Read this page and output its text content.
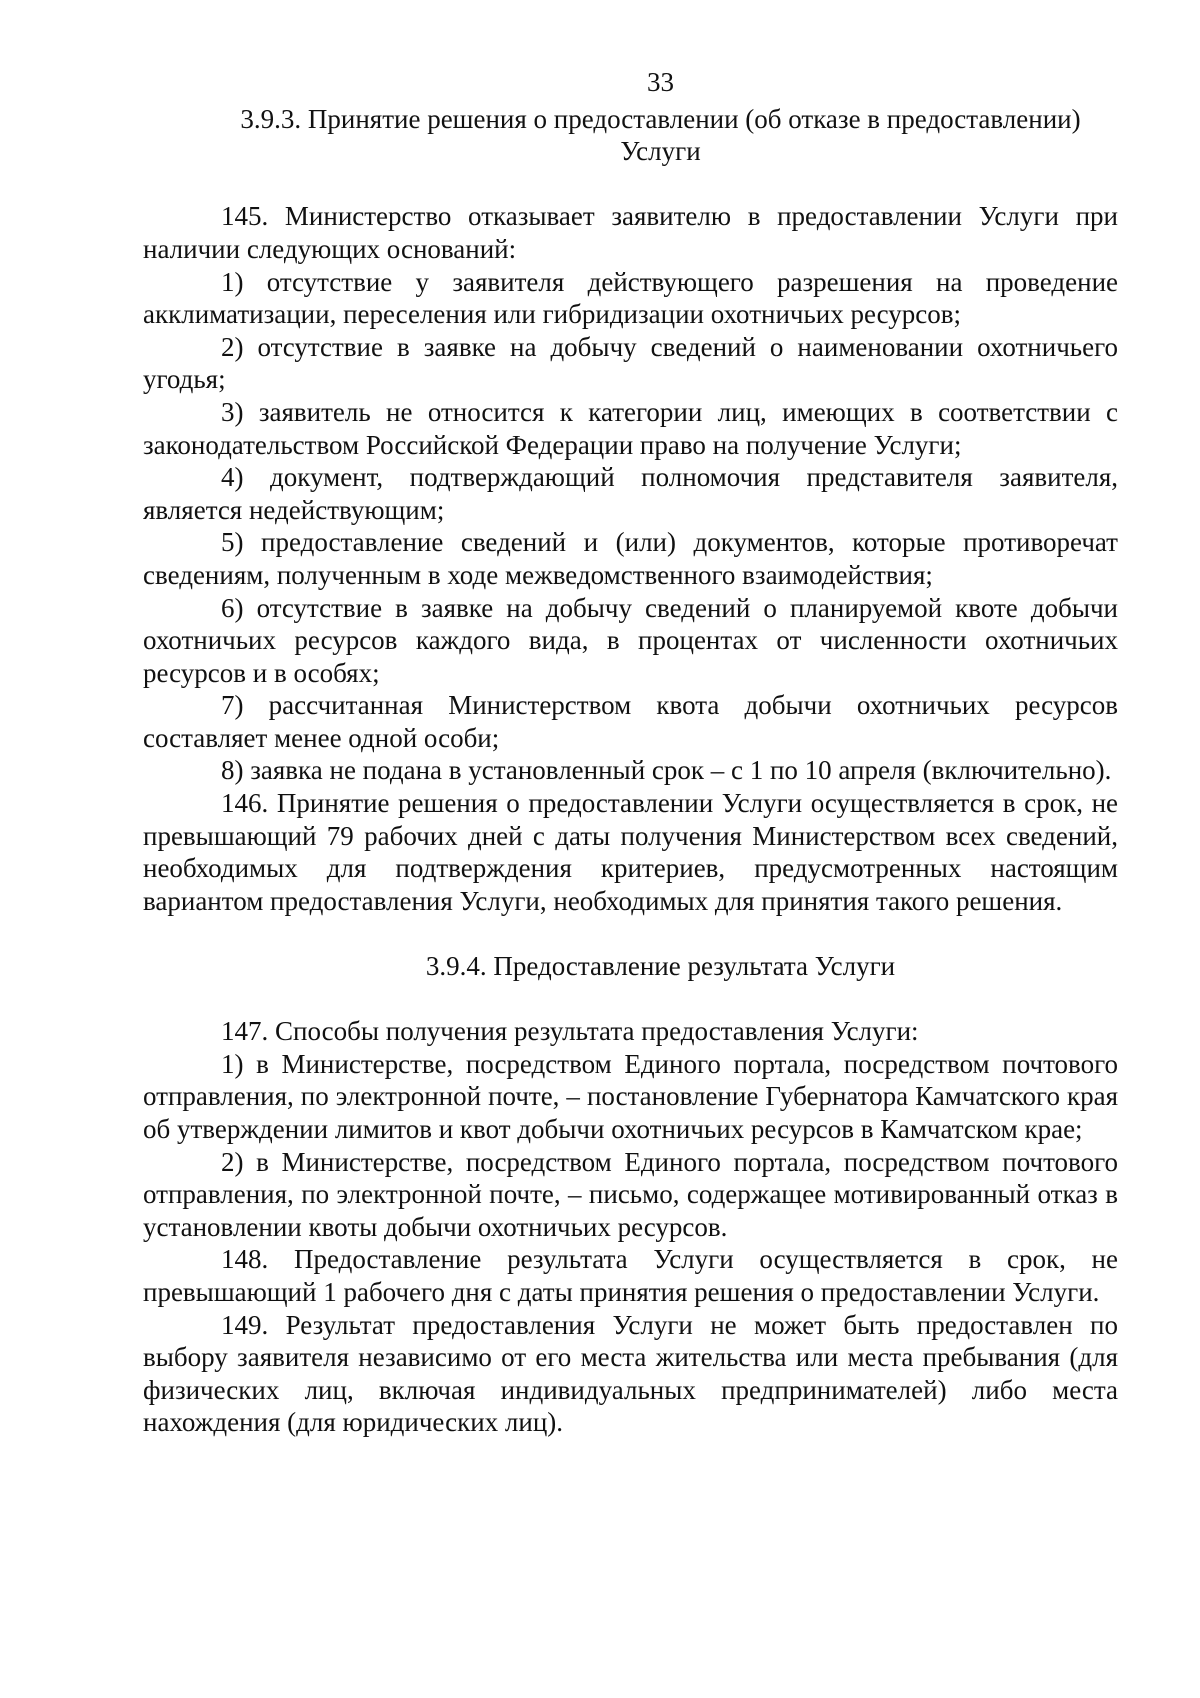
33
3.9.3. Принятие решения о предоставлении (об отказе в предоставлении)
Услуги

145. Министерство отказывает заявителю в предоставлении Услуги при наличии следующих оснований:

1) отсутствие у заявителя действующего разрешения на проведение акклиматизации, переселения или гибридизации охотничьих ресурсов;

2) отсутствие в заявке на добычу сведений о наименовании охотничьего угодья;

3) заявитель не относится к категории лиц, имеющих в соответствии с законодательством Российской Федерации право на получение Услуги;

4) документ, подтверждающий полномочия представителя заявителя, является недействующим;

5) предоставление сведений и (или) документов, которые противоречат сведениям, полученным в ходе межведомственного взаимодействия;

6) отсутствие в заявке на добычу сведений о планируемой квоте добычи охотничьих ресурсов каждого вида, в процентах от численности охотничьих ресурсов и в особях;

7) рассчитанная Министерством квота добычи охотничьих ресурсов составляет менее одной особи;

8) заявка не подана в установленный срок – с 1 по 10 апреля (включительно).

146. Принятие решения о предоставлении Услуги осуществляется в срок, не превышающий 79 рабочих дней с даты получения Министерством всех сведений, необходимых для подтверждения критериев, предусмотренных настоящим вариантом предоставления Услуги, необходимых для принятия такого решения.

3.9.4. Предоставление результата Услуги

147. Способы получения результата предоставления Услуги:

1) в Министерстве, посредством Единого портала, посредством почтового отправления, по электронной почте, – постановление Губернатора Камчатского края об утверждении лимитов и квот добычи охотничьих ресурсов в Камчатском крае;

2) в Министерстве, посредством Единого портала, посредством почтового отправления, по электронной почте, – письмо, содержащее мотивированный отказ в установлении квоты добычи охотничьих ресурсов.

148. Предоставление результата Услуги осуществляется в срок, не превышающий 1 рабочего дня с даты принятия решения о предоставлении Услуги.

149. Результат предоставления Услуги не может быть предоставлен по выбору заявителя независимо от его места жительства или места пребывания (для физических лиц, включая индивидуальных предпринимателей) либо места нахождения (для юридических лиц).
